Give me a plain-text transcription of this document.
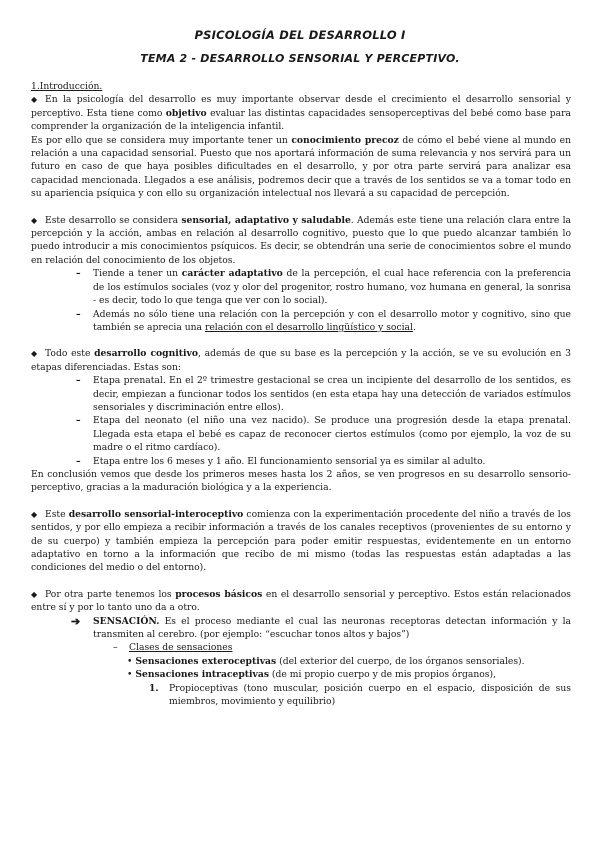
PSICOLOGÍA DEL DESARROLLO I
TEMA 2 - DESARROLLO SENSORIAL Y PERCEPTIVO.

1.Introducción.

◆ En la psicología del desarrollo es muy importante observar desde el crecimiento el desarrollo sensorial y perceptivo. Esta tiene como objetivo evaluar las distintas capacidades sensoperceptivas del bebé como base para comprender la organización de la inteligencia infantil.

Es por ello que se considera muy importante tener un conocimiento precoz de cómo el bebé viene al mundo en relación a una capacidad sensorial. Puesto que nos aportará información de suma relevancia y nos servirá para un futuro en caso de que haya posibles dificultades en el desarrollo, y por otra parte servirá para analizar esa capacidad mencionada. Llegados a ese análisis, podremos decir que a través de los sentidos se va a tomar todo en su apariencia psíquica y con ello su organización intelectual nos llevará a su capacidad de percepción.

◆ Este desarrollo se considera sensorial, adaptativo y saludable. Además este tiene una relación clara entre la percepción y la acción, ambas en relación al desarrollo cognitivo, puesto que lo que puedo alcanzar también lo puedo introducir a mis conocimientos psíquicos. Es decir, se obtendrán una serie de conocimientos sobre el mundo en relación del conocimiento de los objetos.

– Tiende a tener un carácter adaptativo de la percepción, el cual hace referencia con la preferencia de los estímulos sociales (voz y olor del progenitor, rostro humano, voz humana en general, la sonrisa - es decir, todo lo que tenga que ver con lo social).
– Además no sólo tiene una relación con la percepción y con el desarrollo motor y cognitivo, sino que también se aprecia una relación con el desarrollo lingüístico y social.

◆ Todo este desarrollo cognitivo, además de que su base es la percepción y la acción, se ve su evolución en 3 etapas diferenciadas. Estas son:

– Etapa prenatal. En el 2º trimestre gestacional se crea un incipiente del desarrollo de los sentidos, es decir, empiezan a funcionar todos los sentidos (en esta etapa hay una detección de variados estímulos sensoriales y discriminación entre ellos).
– Etapa del neonato (el niño una vez nacido). Se produce una progresión desde la etapa prenatal. Llegada esta etapa el bebé es capaz de reconocer ciertos estímulos (como por ejemplo, la voz de su madre o el ritmo cardíaco).
– Etapa entre los 6 meses y 1 año. El funcionamiento sensorial ya es similar al adulto.

En conclusión vemos que desde los primeros meses hasta los 2 años, se ven progresos en su desarrollo sensorio-perceptivo, gracias a la maduración biológica y a la experiencia.

◆ Este desarrollo sensorial-interoceptivo comienza con la experimentación procedente del niño a través de los sentidos, y por ello empieza a recibir información a través de los canales receptivos (provenientes de su entorno y de su cuerpo) y también empieza la percepción para poder emitir respuestas, evidentemente en un entorno adaptativo en torno a la información que recibo de mi mismo (todas las respuestas están adaptadas a las condiciones del medio o del entorno).

◆ Por otra parte tenemos los procesos básicos en el desarrollo sensorial y perceptivo. Estos están relacionados entre sí y por lo tanto uno da a otro.

➔ SENSACIÓN. Es el proceso mediante el cual las neuronas receptoras detectan información y la transmiten al cerebro. (por ejemplo: “escuchar tonos altos y bajos”)

– Clases de sensaciones

• Sensaciones exteroceptivas (del exterior del cuerpo, de los órganos sensoriales).

• Sensaciones intraceptivas (de mi propio cuerpo y de mis propios órganos),

1. Propioceptivas (tono muscular, posición cuerpo en el espacio, disposición de sus miembros, movimiento y equilibrio)
